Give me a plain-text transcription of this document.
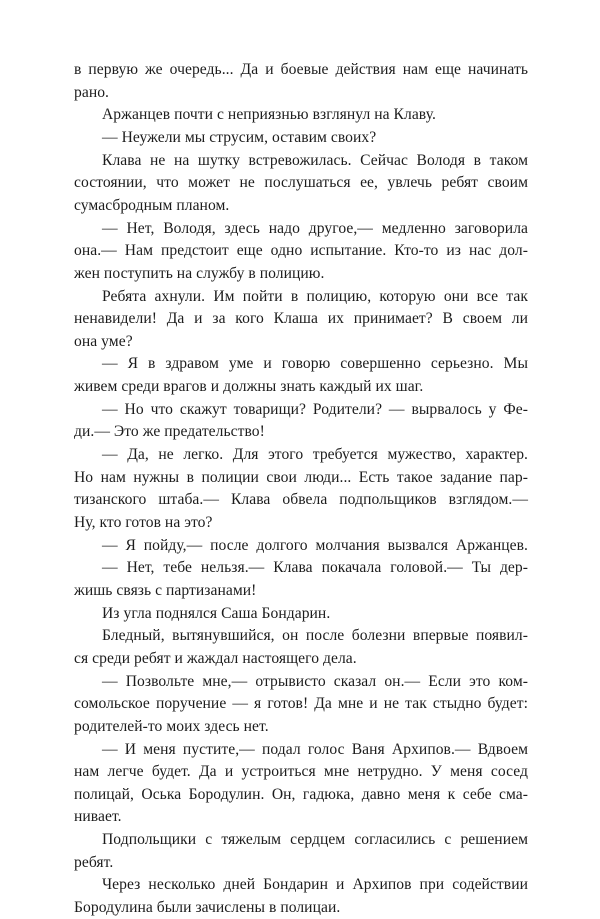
в первую же очередь... Да и боевые действия нам еще начинать
рано.
Аржанцев почти с неприязнью взглянул на Клаву.
— Неужели мы струсим, оставим своих?
Клава не на шутку встревожилась. Сейчас Володя в таком
состоянии, что может не послушаться ее, увлечь ребят своим
сумасбродным планом.
— Нет, Володя, здесь надо другое,— медленно заговорила
она.— Нам предстоит еще одно испытание. Кто-то из нас дол-
жен поступить на службу в полицию.
Ребята ахнули. Им пойти в полицию, которую они все так
ненавидели! Да и за кого Клаша их принимает? В своем ли
она уме?
— Я в здравом уме и говорю совершенно серьезно. Мы
живем среди врагов и должны знать каждый их шаг.
— Но что скажут товарищи? Родители? — вырвалось у Фе-
ди.— Это же предательство!
— Да, не легко. Для этого требуется мужество, характер.
Но нам нужны в полиции свои люди... Есть такое задание пар-
тизанского штаба.— Клава обвела подпольщиков взглядом.—
Ну, кто готов на это?
— Я пойду,— после долгого молчания вызвался Аржанцев.
— Нет, тебе нельзя.— Клава покачала головой.— Ты дер-
жишь связь с партизанами!
Из угла поднялся Саша Бондарин.
Бледный, вытянувшийся, он после болезни впервые появил-
ся среди ребят и жаждал настоящего дела.
— Позвольте мне,— отрывисто сказал он.— Если это ком-
сомольское поручение — я готов! Да мне и не так стыдно будет:
родителей-то моих здесь нет.
— И меня пустите,— подал голос Ваня Архипов.— Вдвоем
нам легче будет. Да и устроиться мне нетрудно. У меня сосед
полицай, Оська Бородулин. Он, гадюка, давно меня к себе сма-
нивает.
Подпольщики с тяжелым сердцем согласились с решением
ребят.
Через несколько дней Бондарин и Архипов при содействии
Бородулина были зачислены в полицаи.
